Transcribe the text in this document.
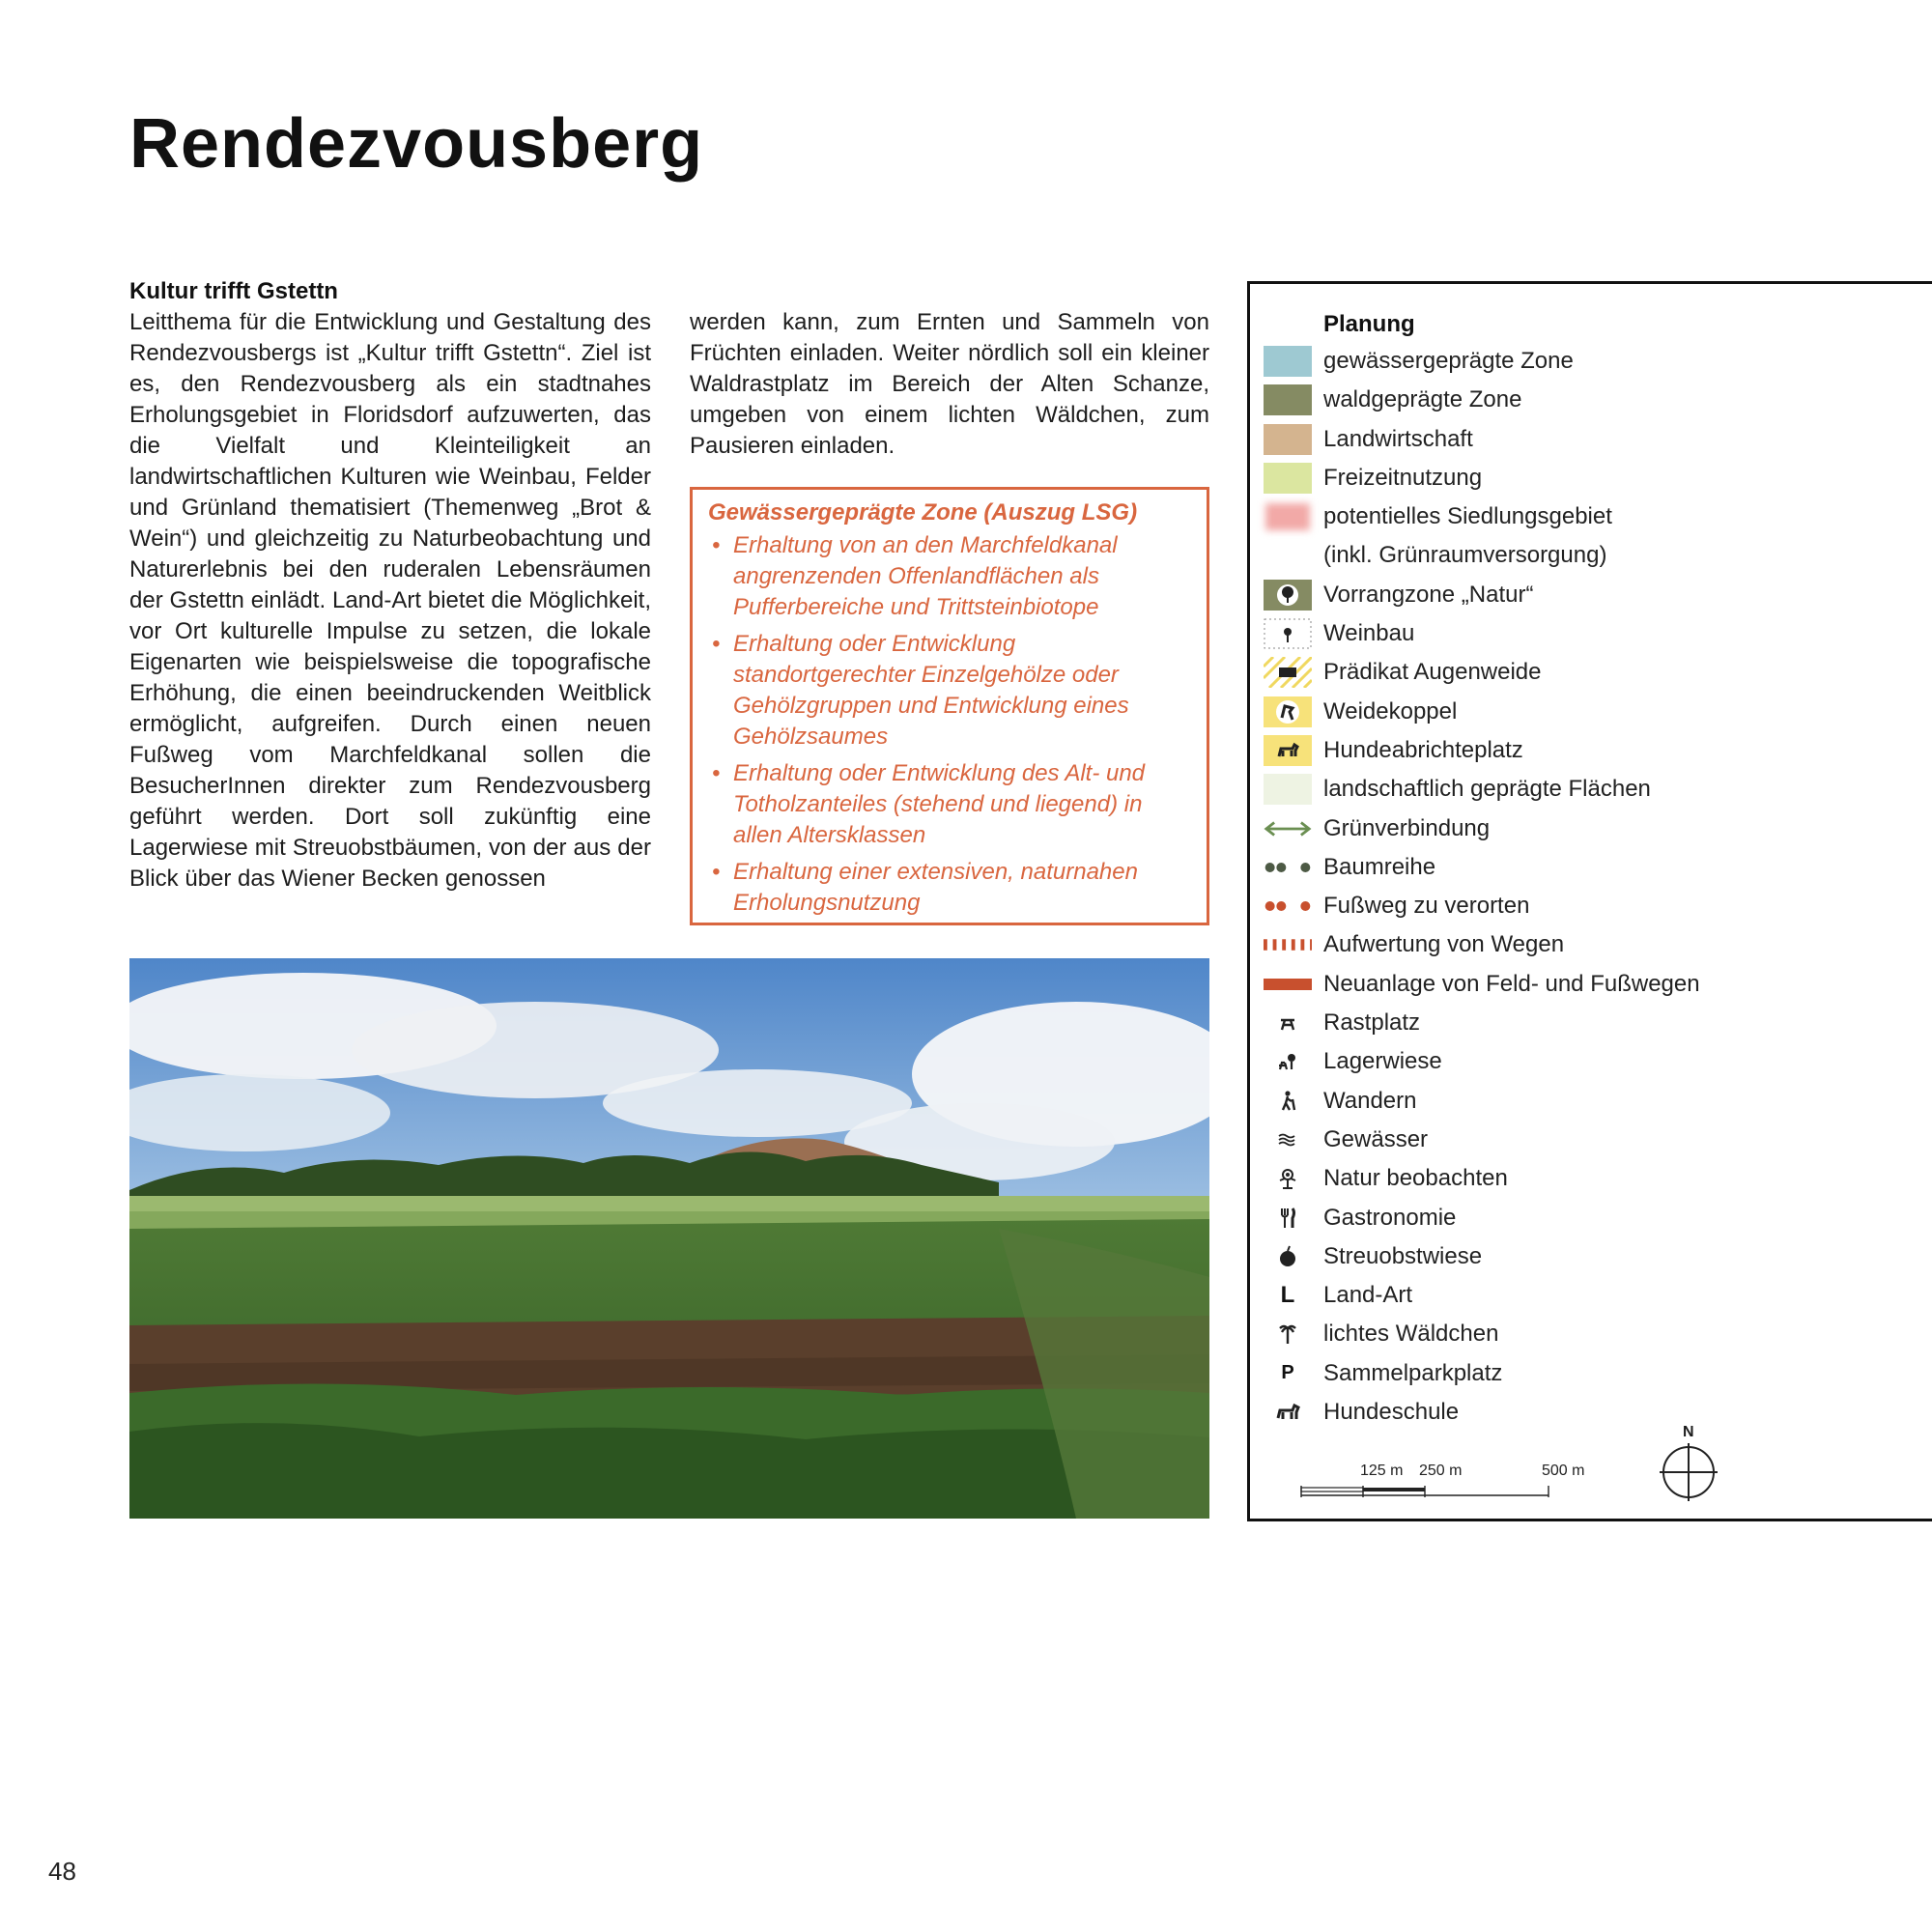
Rendezvousberg
Kultur trifft Gstettn

Leitthema für die Entwicklung und Gestaltung des Rendezvousbergs ist „Kultur trifft Gstettn“. Ziel ist es, den Rendezvousberg als ein stadtnahes Erholungsgebiet in Floridsdorf aufzuwerten, das die Vielfalt und Kleinteiligkeit an landwirtschaftlichen Kulturen wie Weinbau, Felder und Grünland thematisiert (Themenweg „Brot & Wein“) und gleichzeitig zu Naturbeobachtung und Naturerlebnis bei den ruderalen Lebensräumen der Gstettn einlädt. Land-Art bietet die Möglichkeit, vor Ort kulturelle Impulse zu setzen, die lokale Eigenarten wie beispielsweise die topografische Erhöhung, die einen beeindruckenden Weitblick ermöglicht, aufgreifen. Durch einen neuen Fußweg vom Marchfeldkanal sollen die BesucherInnen direkter zum Rendezvousberg geführt werden. Dort soll zukünftig eine Lagerwiese mit Streuobstbäumen, von der aus der Blick über das Wiener Becken genossen

werden kann, zum Ernten und Sammeln von Früchten einladen. Weiter nördlich soll ein kleiner Waldrastplatz im Bereich der Alten Schanze, umgeben von einem lichten Wäldchen, zum Pausieren einladen.

Gewässergeprägte Zone (Auszug LSG)
• Erhaltung von an den Marchfeldkanal angrenzenden Offenlandflächen als Pufferbereiche und Trittsteinbiotope
• Erhaltung oder Entwicklung standortgerechter Einzelgehölze oder Gehölzgruppen und Entwicklung eines Gehölzsaumes
• Erhaltung oder Entwicklung des Alt- und Totholzanteiles (stehend und liegend) in allen Altersklassen
• Erhaltung einer extensiven, naturnahen Erholungsnutzung
Planung
gewässergeprägte Zone
waldgeprägte Zone
Landwirtschaft
Freizeitnutzung
potentielles Siedlungsgebiet
(inkl. Grünraumversorgung)
Vorrangzone „Natur“
Weinbau
Prädikat Augenweide
Weidekoppel
Hundeabrichteplatz
landschaftlich geprägte Flächen
Grünverbindung
Baumreihe
Fußweg zu verorten
Aufwertung von Wegen
Neuanlage von Feld- und Fußwegen
Rastplatz
Lagerwiese
Wandern
Gewässer
Natur beobachten
Gastronomie
Streuobstwiese
L Land-Art
lichtes Wäldchen
P Sammelparkplatz
Hundeschule
125 m 250 m	500 m
N
48
